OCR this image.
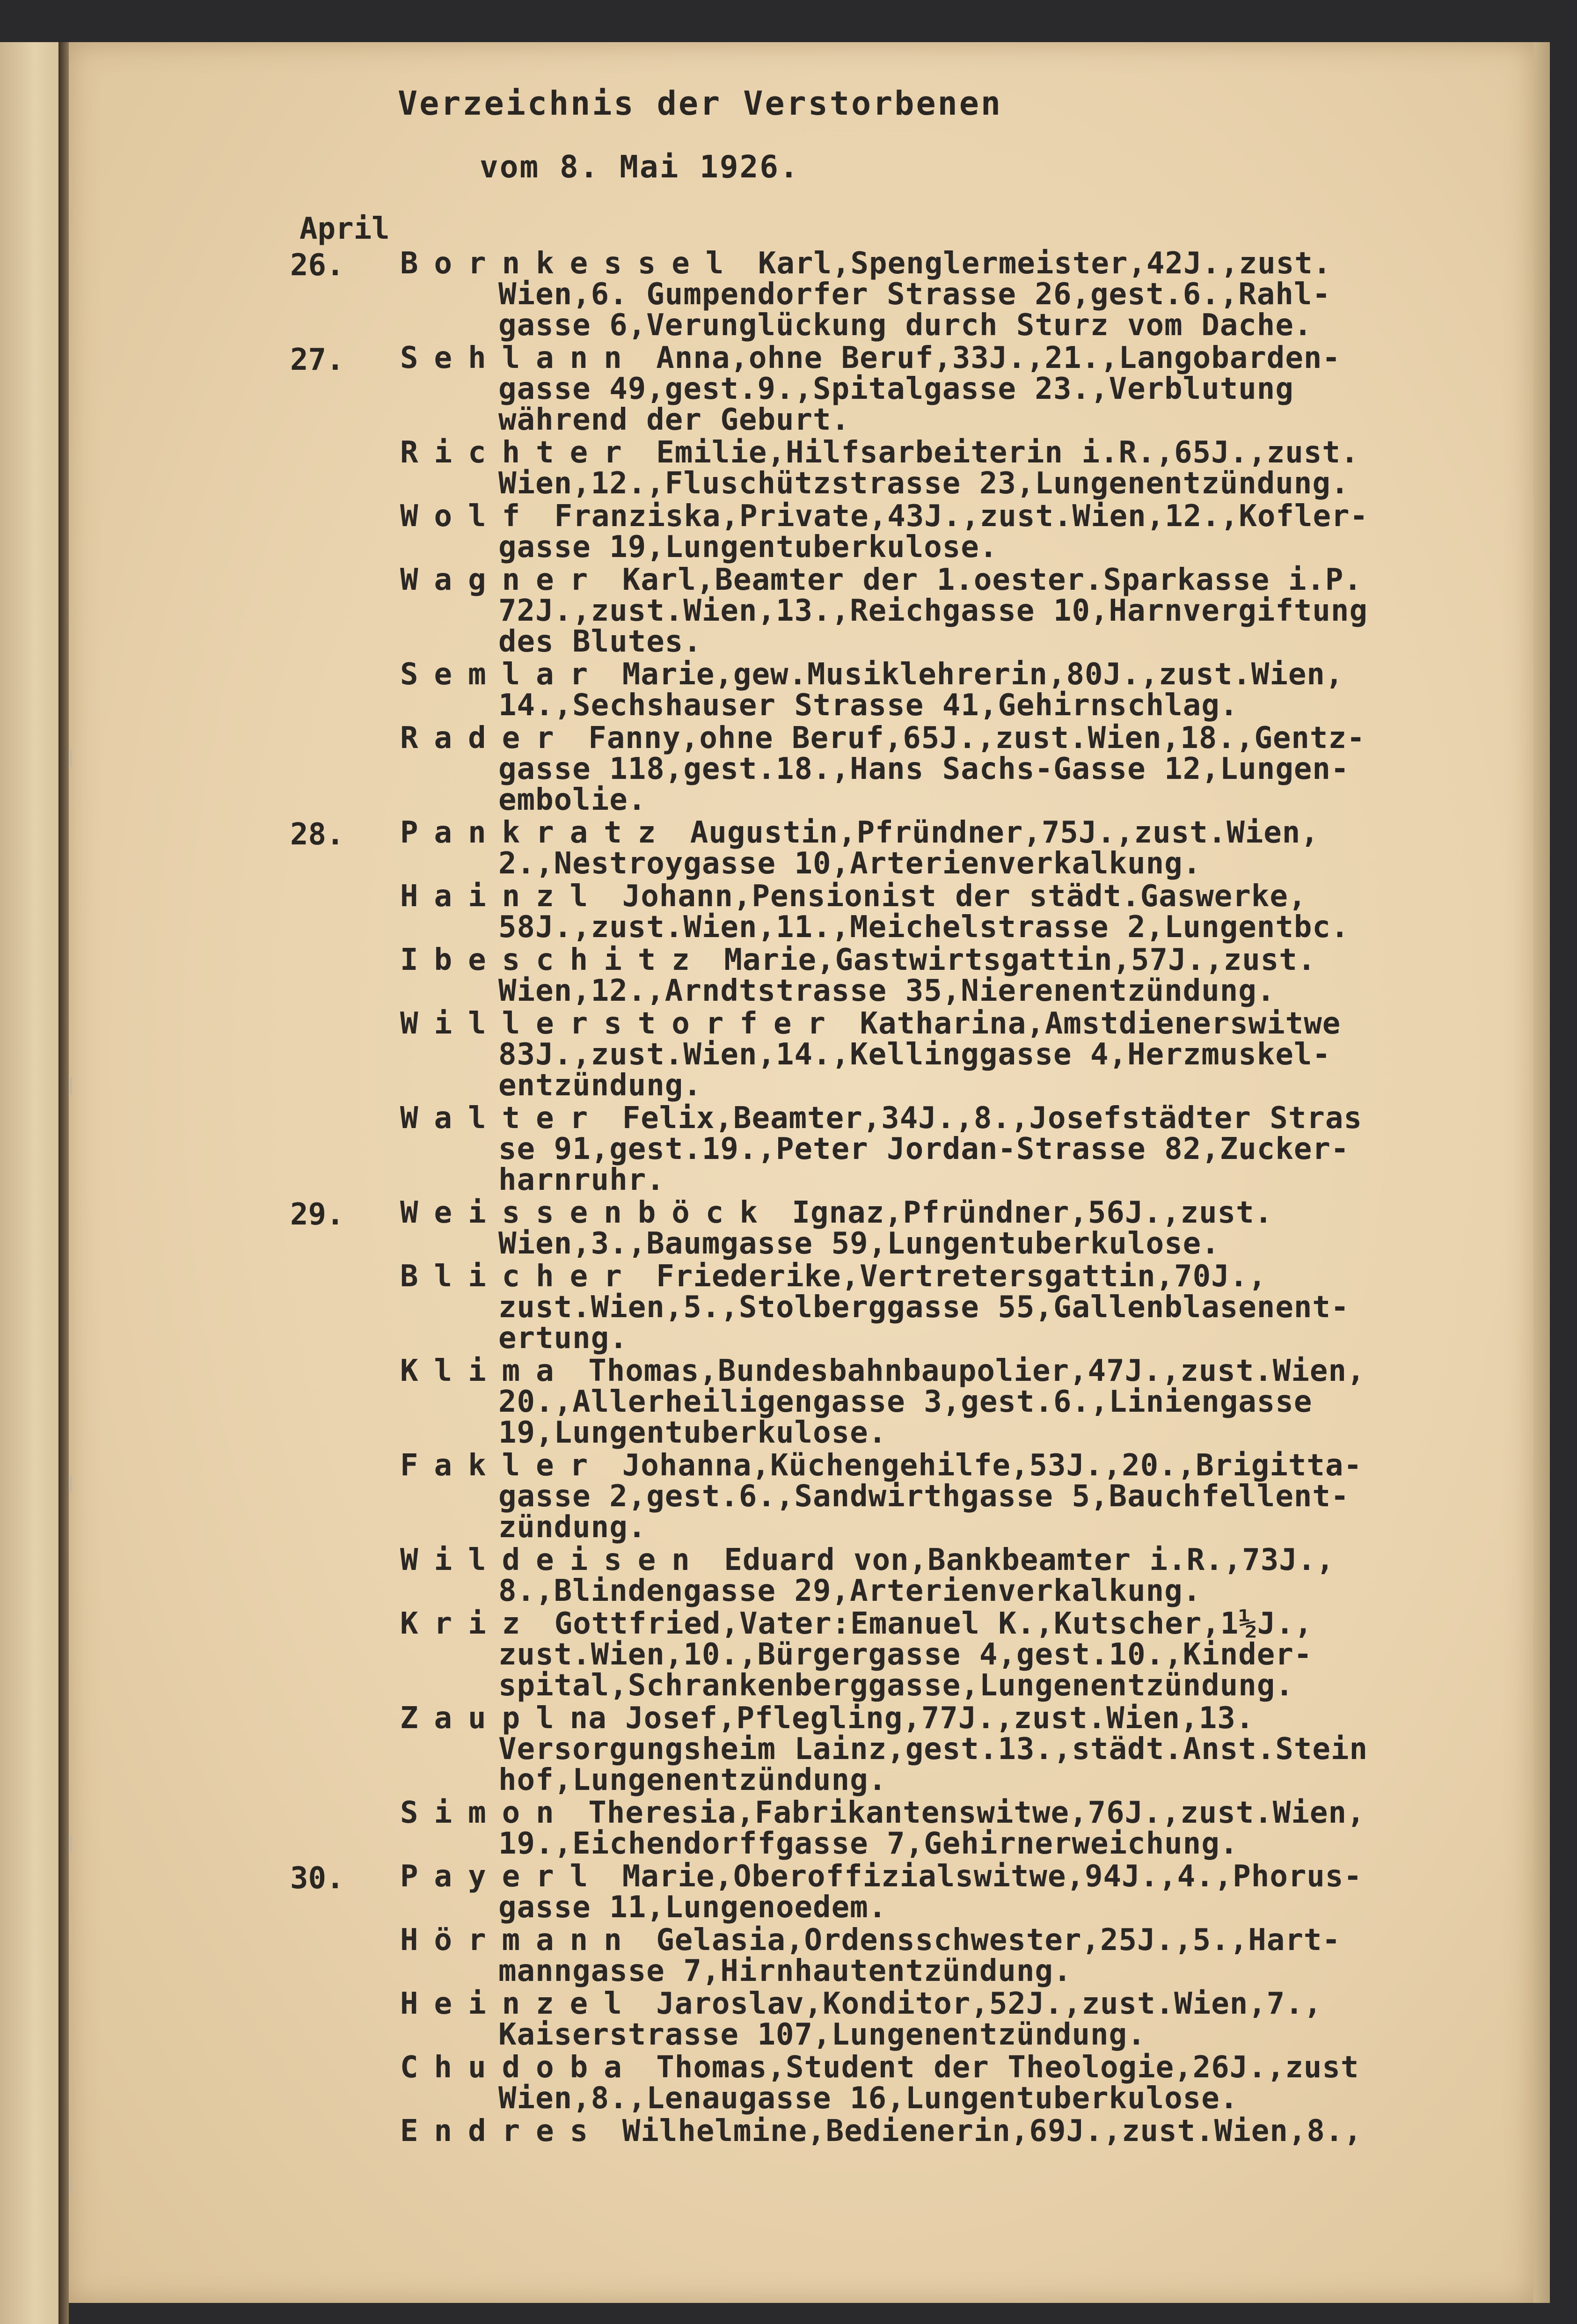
Verzeichnis der Verstorbenen
vom 8. Mai 1926.
April
26. Bornkessel Karl,Spenglermeister,42J.,zust.
Wien,6. Gumpendorfer Strasse 26,gest.6.,Rahl-
gasse 6,Verunglückung durch Sturz vom Dache.
27. Sehlann Anna,ohne Beruf,33J.,21.,Langobarden-
gasse 49,gest.9.,Spitalgasse 23.,Verblutung
während der Geburt.
Richter Emilie,Hilfsarbeiterin i.R.,65J.,zust.
Wien,12.,Fluschützstrasse 23,Lungenentzündung.
Wolf Franziska,Private,43J.,zust.Wien,12.,Kofler-
gasse 19,Lungentuberkulose.
Wagner Karl,Beamter der 1.oester.Sparkasse i.P.
72J.,zust.Wien,13.,Reichgasse 10,Harnvergiftung
des Blutes.
Semlar Marie,gew.Musiklehrerin,80J.,zust.Wien,
14.,Sechshauser Strasse 41,Gehirnschlag.
Rader Fanny,ohne Beruf,65J.,zust.Wien,18.,Gentz-
gasse 118,gest.18.,Hans Sachs-Gasse 12,Lungen-
embolie.
28. Pankratz Augustin,Pfründner,75J.,zust.Wien,
2.,Nestroygasse 10,Arterienverkalkung.
Hainzl Johann,Pensionist der städt.Gaswerke,
58J.,zust.Wien,11.,Meichelstrasse 2,Lungentbc.
Ibeschitz Marie,Gastwirtsgattin,57J.,zust.
Wien,12.,Arndtstrasse 35,Nierenentzündung.
Willerstorfer Katharina,Amstdienerswitwe
83J.,zust.Wien,14.,Kellinggasse 4,Herzmuskel-
entzündung.
Walter Felix,Beamter,34J.,8.,Josefstädter Stras
se 91,gest.19.,Peter Jordan-Strasse 82,Zucker-
harnruhr.
29. Weissenböck Ignaz,Pfründner,56J.,zust.
Wien,3.,Baumgasse 59,Lungentuberkulose.
Blicher Friederike,Vertretersgattin,70J.,
zust.Wien,5.,Stolberggasse 55,Gallenblasenent-
ertung.
Klima Thomas,Bundesbahnbaupolier,47J.,zust.Wien,
20.,Allerheiligengasse 3,gest.6.,Liniengasse
19,Lungentuberkulose.
Fakler Johanna,Küchengehilfe,53J.,20.,Brigitta-
gasse 2,gest.6.,Sandwirthgasse 5,Bauchfellent-
zündung.
Wildeisen Eduard von,Bankbeamter i.R.,73J.,
8.,Blindengasse 29,Arterienverkalkung.
Kriz Gottfried,Vater:Emanuel K.,Kutscher,1½J.,
zust.Wien,10.,Bürgergasse 4,gest.10.,Kinder-
spital,Schrankenberggasse,Lungenentzündung.
Zauplna Josef,Pflegling,77J.,zust.Wien,13.
Versorgungsheim Lainz,gest.13.,städt.Anst.Stein
hof,Lungenentzündung.
Simon Theresia,Fabrikantenswitwe,76J.,zust.Wien,
19.,Eichendorffgasse 7,Gehirnerweichung.
30. Payerl Marie,Oberoffizialswitwe,94J.,4.,Phorus-
gasse 11,Lungenoedem.
Hörmann Gelasia,Ordensschwester,25J.,5.,Hart-
manngasse 7,Hirnhautentzündung.
Heinzel Jaroslav,Konditor,52J.,zust.Wien,7.,
Kaiserstrasse 107,Lungenentzündung.
Chudoba Thomas,Student der Theologie,26J.,zust
Wien,8.,Lenaugasse 16,Lungentuberkulose.
Endres Wilhelmine,Bedienerin,69J.,zust.Wien,8.,
